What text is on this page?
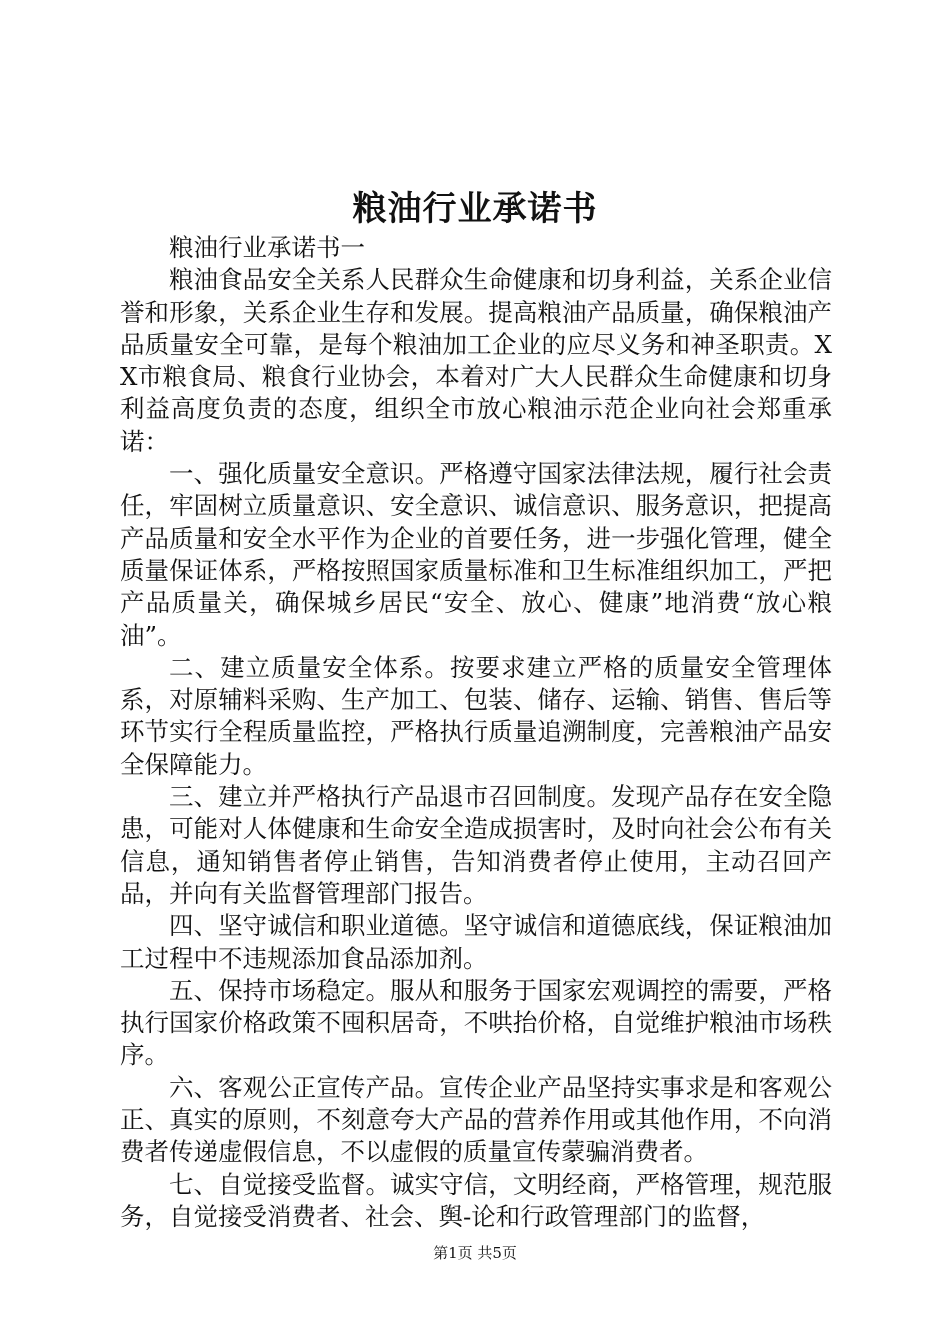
粮油行业承诺书

粮油行业承诺书一

粮油食品安全关系人民群众生命健康和切身利益，关系企业信誉和形象，关系企业生存和发展。提高粮油产品质量，确保粮油产品质量安全可靠，是每个粮油加工企业的应尽义务和神圣职责。XX市粮食局、粮食行业协会，本着对广大人民群众生命健康和切身利益高度负责的态度，组织全市放心粮油示范企业向社会郑重承诺：

一、强化质量安全意识。严格遵守国家法律法规，履行社会责任，牢固树立质量意识、安全意识、诚信意识、服务意识，把提高产品质量和安全水平作为企业的首要任务，进一步强化管理，健全质量保证体系，严格按照国家质量标准和卫生标准组织加工，严把产品质量关，确保城乡居民“安全、放心、健康”地消费“放心粮油”。

二、建立质量安全体系。按要求建立严格的质量安全管理体系，对原辅料采购、生产加工、包装、储存、运输、销售、售后等环节实行全程质量监控，严格执行质量追溯制度，完善粮油产品安全保障能力。

三、建立并严格执行产品退市召回制度。发现产品存在安全隐患，可能对人体健康和生命安全造成损害时，及时向社会公布有关信息，通知销售者停止销售，告知消费者停止使用，主动召回产品，并向有关监督管理部门报告。

四、坚守诚信和职业道德。坚守诚信和道德底线，保证粮油加工过程中不违规添加食品添加剂。

五、保持市场稳定。服从和服务于国家宏观调控的需要，严格执行国家价格政策不囤积居奇，不哄抬价格，自觉维护粮油市场秩序。

六、客观公正宣传产品。宣传企业产品坚持实事求是和客观公正、真实的原则，不刻意夸大产品的营养作用或其他作用，不向消费者传递虚假信息，不以虚假的质量宣传蒙骗消费者。

七、自觉接受监督。诚实守信，文明经商，严格管理，规范服务，自觉接受消费者、社会、舆-论和行政管理部门的监督，

第1页 共5页
